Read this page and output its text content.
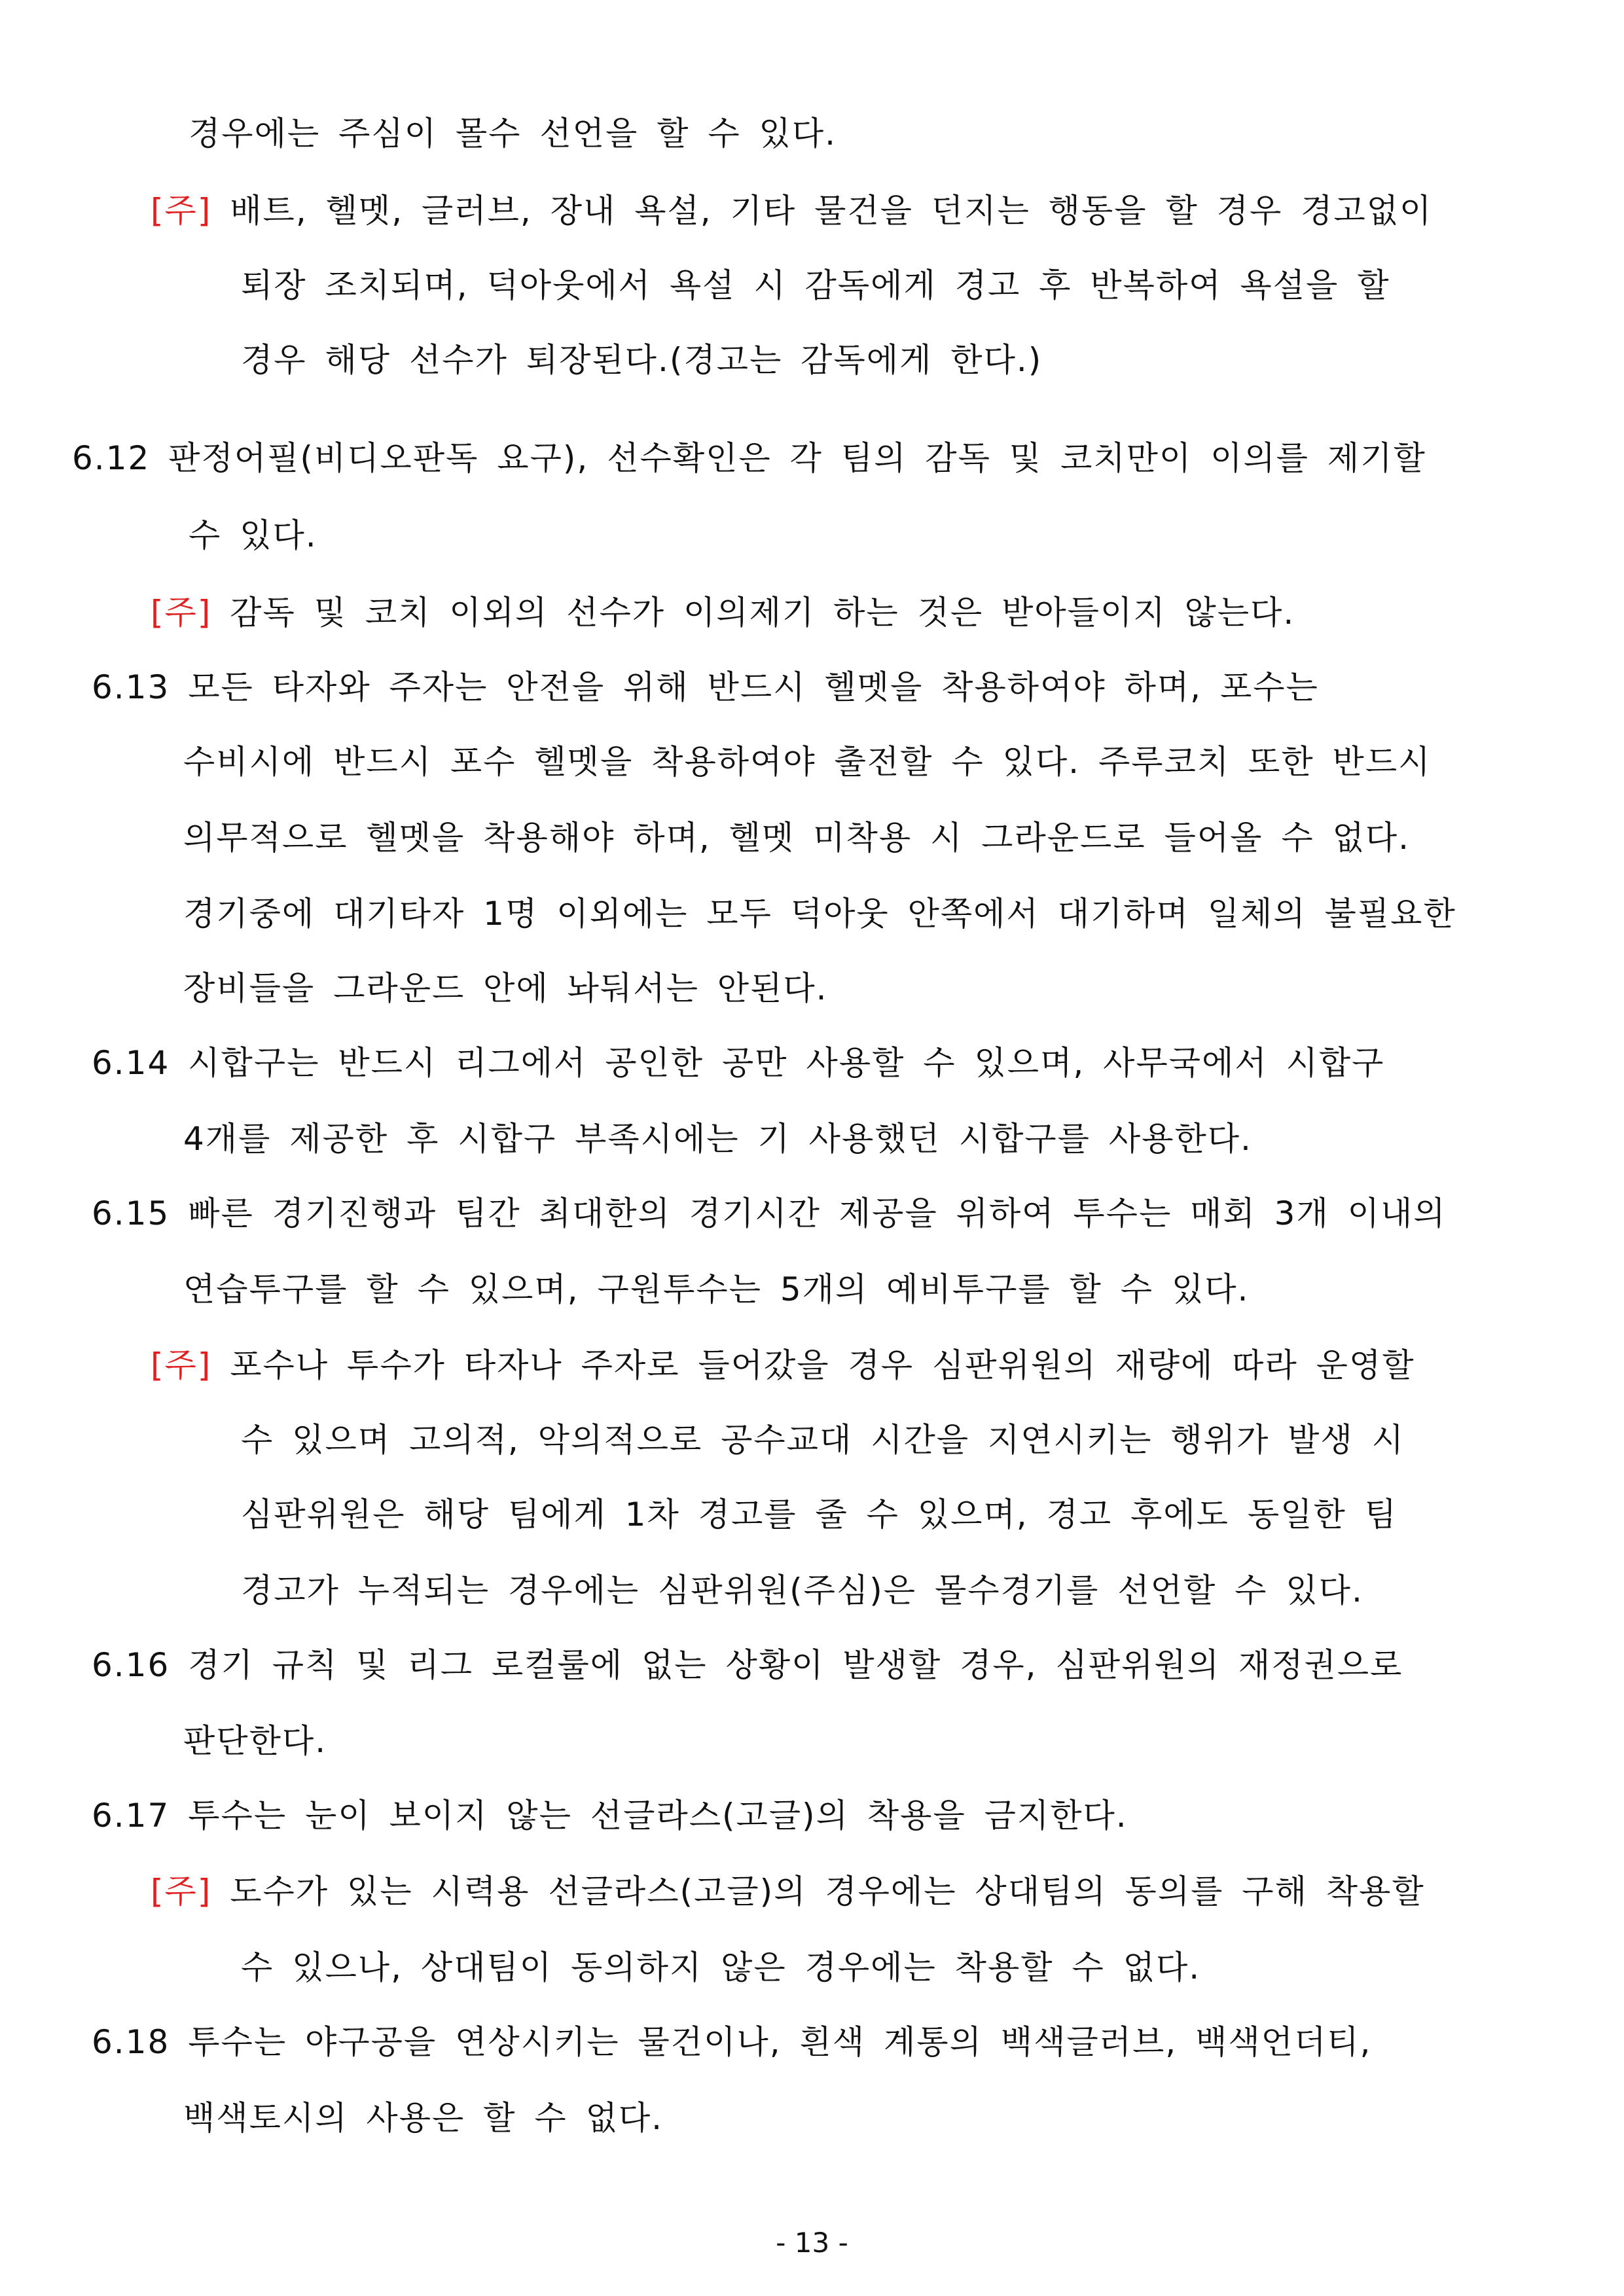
경우에는 주심이 몰수 선언을 할 수 있다.
[주] 배트, 헬멧, 글러브, 장내 욕설, 기타 물건을 던지는 행동을 할 경우 경고없이
퇴장 조치되며, 덕아웃에서 욕설 시 감독에게 경고 후 반복하여 욕설을 할
경우 해당 선수가 퇴장된다.(경고는 감독에게 한다.)
6.12 판정어필(비디오판독 요구), 선수확인은 각 팀의 감독 및 코치만이 이의를 제기할
수 있다.
[주] 감독 및 코치 이외의 선수가 이의제기 하는 것은 받아들이지 않는다.
6.13 모든 타자와 주자는 안전을 위해 반드시 헬멧을 착용하여야 하며, 포수는
수비시에 반드시 포수 헬멧을 착용하여야 출전할 수 있다. 주루코치 또한 반드시
의무적으로 헬멧을 착용해야 하며, 헬멧 미착용 시 그라운드로 들어올 수 없다.
경기중에 대기타자 1명 이외에는 모두 덕아웃 안쪽에서 대기하며 일체의 불필요한
장비들을 그라운드 안에 놔둬서는 안된다.
6.14 시합구는 반드시 리그에서 공인한 공만 사용할 수 있으며, 사무국에서 시합구
4개를 제공한 후 시합구 부족시에는 기 사용했던 시합구를 사용한다.
6.15 빠른 경기진행과 팀간 최대한의 경기시간 제공을 위하여 투수는 매회 3개 이내의
연습투구를 할 수 있으며, 구원투수는 5개의 예비투구를 할 수 있다.
[주] 포수나 투수가 타자나 주자로 들어갔을 경우 심판위원의 재량에 따라 운영할
수 있으며 고의적, 악의적으로 공수교대 시간을 지연시키는 행위가 발생 시
심판위원은 해당 팀에게 1차 경고를 줄 수 있으며, 경고 후에도 동일한 팀
경고가 누적되는 경우에는 심판위원(주심)은 몰수경기를 선언할 수 있다.
6.16 경기 규칙 및 리그 로컬룰에 없는 상황이 발생할 경우, 심판위원의 재정권으로
판단한다.
6.17 투수는 눈이 보이지 않는 선글라스(고글)의 착용을 금지한다.
[주] 도수가 있는 시력용 선글라스(고글)의 경우에는 상대팀의 동의를 구해 착용할
수 있으나, 상대팀이 동의하지 않은 경우에는 착용할 수 없다.
6.18 투수는 야구공을 연상시키는 물건이나, 흰색 계통의 백색글러브, 백색언더티,
백색토시의 사용은 할 수 없다.
- 13 -
